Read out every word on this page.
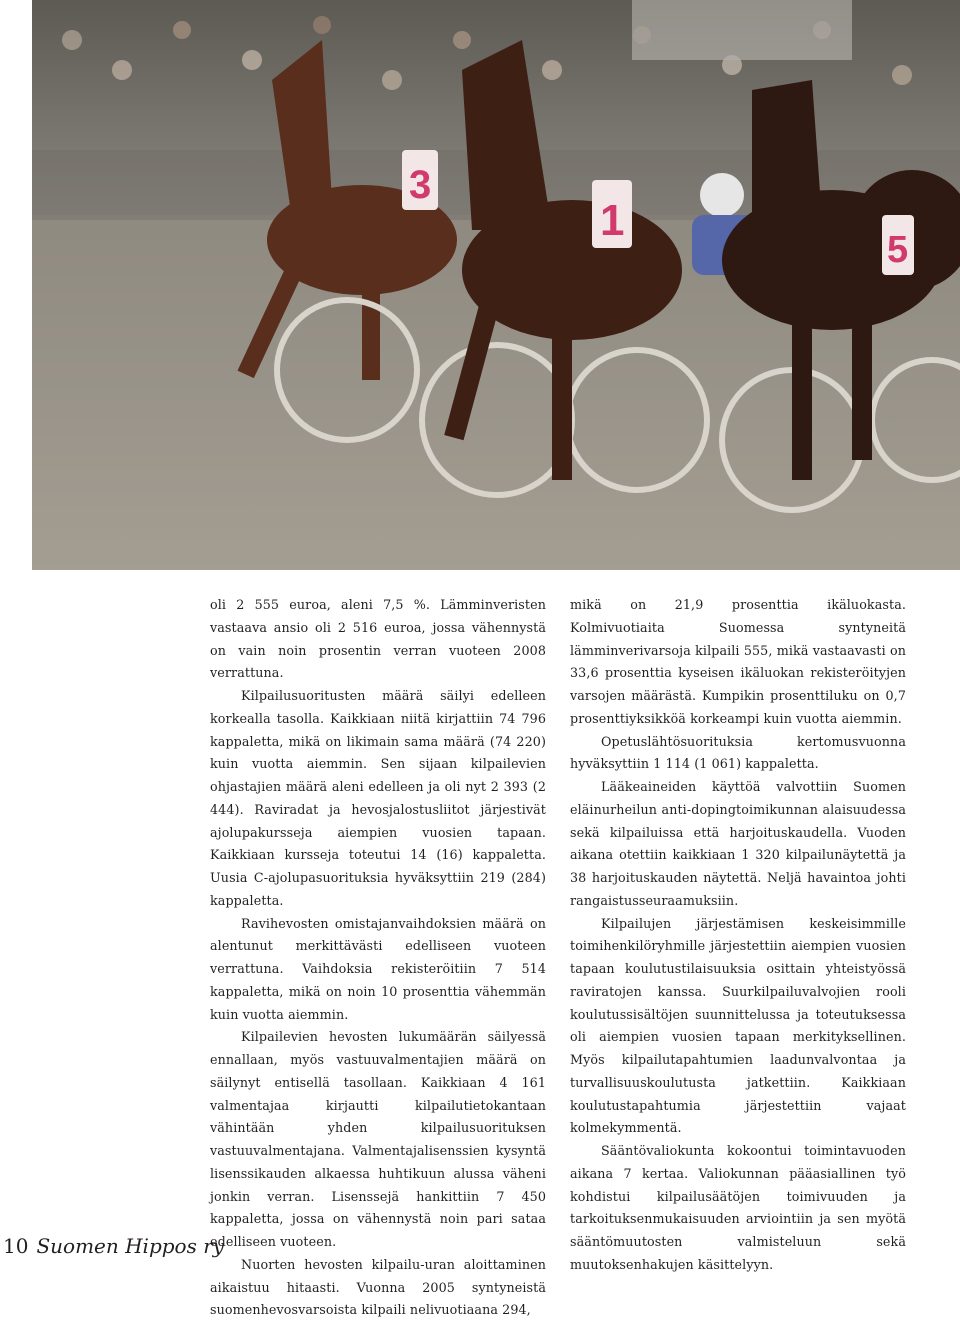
3
1
5

oli 2 555 euroa, aleni 7,5 %. Lämminveristen vastaava ansio oli 2 516 euroa, jossa vähennystä on vain noin prosentin verran vuoteen 2008 verrattuna.

Kilpailusuoritusten määrä säilyi edelleen korkealla tasolla. Kaikkiaan niitä kirjattiin 74 796 kappaletta, mikä on likimain sama määrä (74 220) kuin vuotta aiemmin. Sen sijaan kilpailevien ohjastajien määrä aleni edelleen ja oli nyt 2 393 (2 444). Raviradat ja hevosjalostusliitot järjestivät ajolupakursseja aiempien vuosien tapaan. Kaikkiaan kursseja toteutui 14 (16) kappaletta. Uusia C-ajolupasuorituksia hyväksyttiin 219 (284) kappaletta.

Ravihevosten omistajanvaihdoksien määrä on alentunut merkittävästi edelliseen vuoteen verrattuna. Vaihdoksia rekisteröitiin 7 514 kappaletta, mikä on noin 10 prosenttia vähemmän kuin vuotta aiemmin.

Kilpailevien hevosten lukumäärän säilyessä ennallaan, myös vastuuvalmentajien määrä on säilynyt entisellä tasollaan. Kaikkiaan 4 161 valmentajaa kirjautti kilpailutietokantaan vähintään yhden kilpailusuorituksen vastuuvalmentajana. Valmentajalisenssien kysyntä lisenssikauden alkaessa huhtikuun alussa väheni jonkin verran. Lisenssejä hankittiin 7 450 kappaletta, jossa on vähennystä noin pari sataa edelliseen vuoteen.

Nuorten hevosten kilpailu-uran aloittaminen aikaistuu hitaasti. Vuonna 2005 syntyneistä suomenhevosvarsoista kilpaili nelivuotiaana 294,

mikä on 21,9 prosenttia ikäluokasta. Kolmivuotiaita Suomessa syntyneitä lämminverivarsoja kilpaili 555, mikä vastaavasti on 33,6 prosenttia kyseisen ikäluokan rekisteröityjen varsojen määrästä. Kumpikin prosenttiluku on 0,7 prosenttiyksikköä korkeampi kuin vuotta aiemmin.

Opetuslähtösuorituksia kertomusvuonna hyväksyttiin 1 114 (1 061) kappaletta.

Lääkeaineiden käyttöä valvottiin Suomen eläinurheilun anti-dopingtoimikunnan alaisuudessa sekä kilpailuissa että harjoituskaudella. Vuoden aikana otettiin kaikkiaan 1 320 kilpailunäytettä ja 38 harjoituskauden näytettä. Neljä havaintoa johti rangaistusseuraamuksiin.

Kilpailujen järjestämisen keskeisimmille toimihenkilöryhmille järjestettiin aiempien vuosien tapaan koulutustilaisuuksia osittain yhteistyössä raviratojen kanssa. Suurkilpailuvalvojien rooli koulutussisältöjen suunnittelussa ja toteutuksessa oli aiempien vuosien tapaan merkityksellinen. Myös kilpailutapahtumien laadunvalvontaa ja turvallisuuskoulutusta jatkettiin. Kaikkiaan koulutustapahtumia järjestettiin vajaat kolmekymmentä.

Sääntövaliokunta kokoontui toimintavuoden aikana 7 kertaa. Valiokunnan pääasiallinen työ kohdistui kilpailusäätöjen toimivuuden ja tarkoituksenmukaisuuden arviointiin ja sen myötä sääntömuutosten valmisteluun sekä muutoksenhakujen käsittelyyn.

10 Suomen Hippos ry
